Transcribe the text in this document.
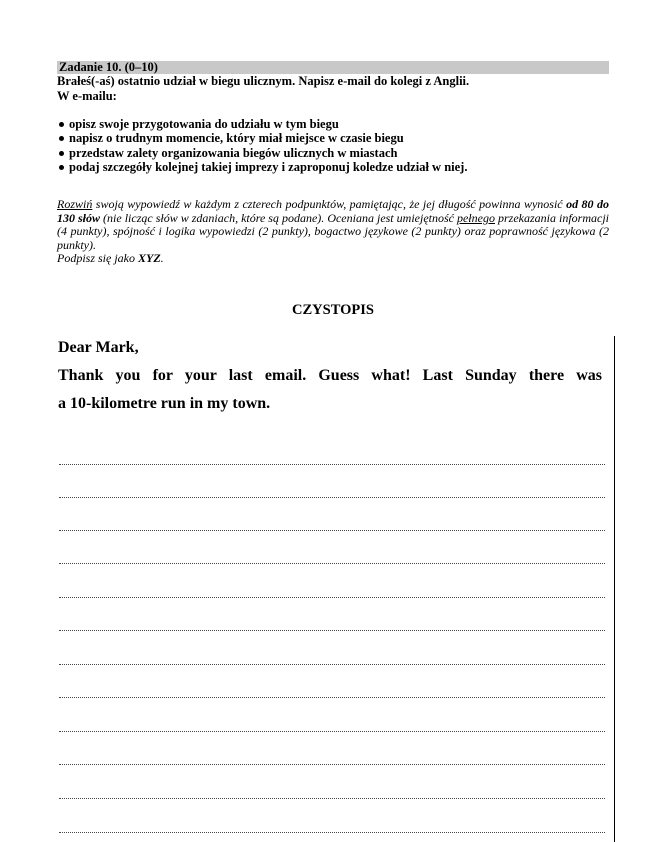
Zadanie 10. (0–10)

Brałeś(-aś) ostatnio udział w biegu ulicznym. Napisz e-mail do kolegi z Anglii.

W e-mailu:

opisz swoje przygotowania do udziału w tym biegu
napisz o trudnym momencie, który miał miejsce w czasie biegu
przedstaw zalety organizowania biegów ulicznych w miastach
podaj szczegóły kolejnej takiej imprezy i zaproponuj koledze udział w niej.

Rozwiń swoją wypowiedź w każdym z czterech podpunktów, pamiętając, że jej długość powinna wynosić od 80 do 130 słów (nie licząc słów w zdaniach, które są podane). Oceniana jest umiejętność pełnego przekazania informacji (4 punkty), spójność i logika wypowiedzi (2 punkty), bogactwo językowe (2 punkty) oraz poprawność językowa (2 punkty).

Podpisz się jako XYZ.

CZYSTOPIS
Dear Mark,
Thank you for your last email. Guess what! Last Sunday there was
a 10-kilometre run in my town.
